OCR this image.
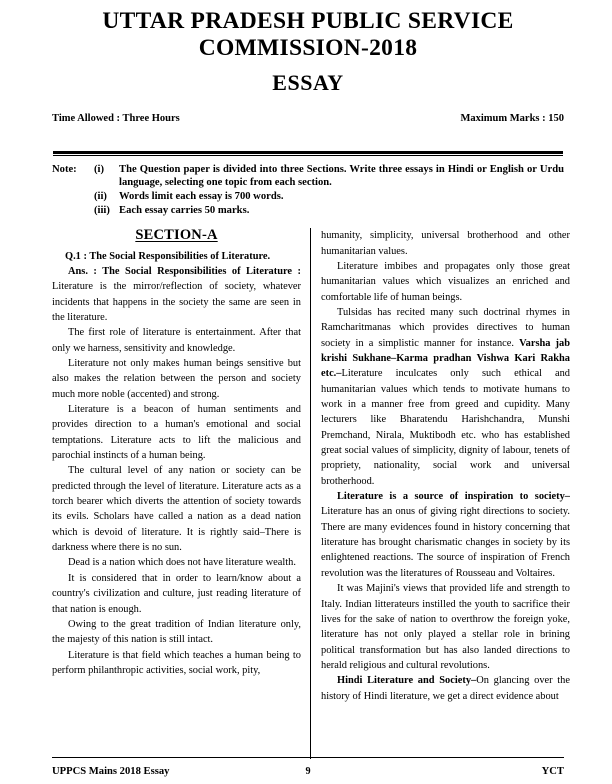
UTTAR PRADESH PUBLIC SERVICE
COMMISSION-2018
ESSAY
Time Allowed : Three Hours	Maximum Marks : 150
Note:	(i)	The Question paper is divided into three Sections. Write three essays in Hindi or English or Urdu language, selecting one topic from each section.
(ii)	Words limit each essay is 700 words.
(iii) Each essay carries 50 marks.
SECTION-A

Q.1 : The Social Responsibilities of Literature.

Ans. : The Social Responsibilities of Literature : Literature is the mirror/reflection of society, whatever incidents that happens in the society the same are seen in the literature.

The first role of literature is entertainment. After that only we harness, sensitivity and knowledge.

Literature not only makes human beings sensitive but also makes the relation between the person and society much more noble (accented) and strong.

Literature is a beacon of human sentiments and provides direction to a human's emotional and social temptations. Literature acts to lift the malicious and parochial instincts of a human being.

The cultural level of any nation or society can be predicted through the level of literature. Literature acts as a torch bearer which diverts the attention of society towards its evils. Scholars have called a nation as a dead nation which is devoid of literature. It is rightly said–There is darkness where there is no sun.

Dead is a nation which does not have literature wealth.

It is considered that in order to learn/know about a country's civilization and culture, just reading literature of that nation is enough.

Owing to the great tradition of Indian literature only, the majesty of this nation is still intact.

Literature is that field which teaches a human being to perform philanthropic activities, social work, pity,

humanity, simplicity, universal brotherhood and other humanitarian values.

Literature imbibes and propagates only those great humanitarian values which visualizes an enriched and comfortable life of human beings.

Tulsidas has recited many such doctrinal rhymes in Ramcharitmanas which provides directives to human society in a simplistic manner for instance. Varsha jab krishi Sukhane–Karma pradhan Vishwa Kari Rakha etc.–Literature inculcates only such ethical and humanitarian values which tends to motivate humans to work in a manner free from greed and cupidity. Many lecturers like Bharatendu Harishchandra, Munshi Premchand, Nirala, Muktibodh etc. who has established great social values of simplicity, dignity of labour, tenets of propriety, nationality, social work and universal brotherhood.

Literature is a source of inspiration to society–Literature has an onus of giving right directions to society. There are many evidences found in history concerning that literature has brought charismatic changes in society by its enlightened reactions. The source of inspiration of French revolution was the literatures of Rousseau and Voltaires.

It was Majini's views that provided life and strength to Italy. Indian litterateurs instilled the youth to sacrifice their lives for the sake of nation to overthrow the foreign yoke, literature has not only played a stellar role in brining political transformation but has also landed directions to herald religious and cultural revolutions.

Hindi Literature and Society–On glancing over the history of Hindi literature, we get a direct evidence about

UPPCS Mains 2018 Essay	9	YCT
